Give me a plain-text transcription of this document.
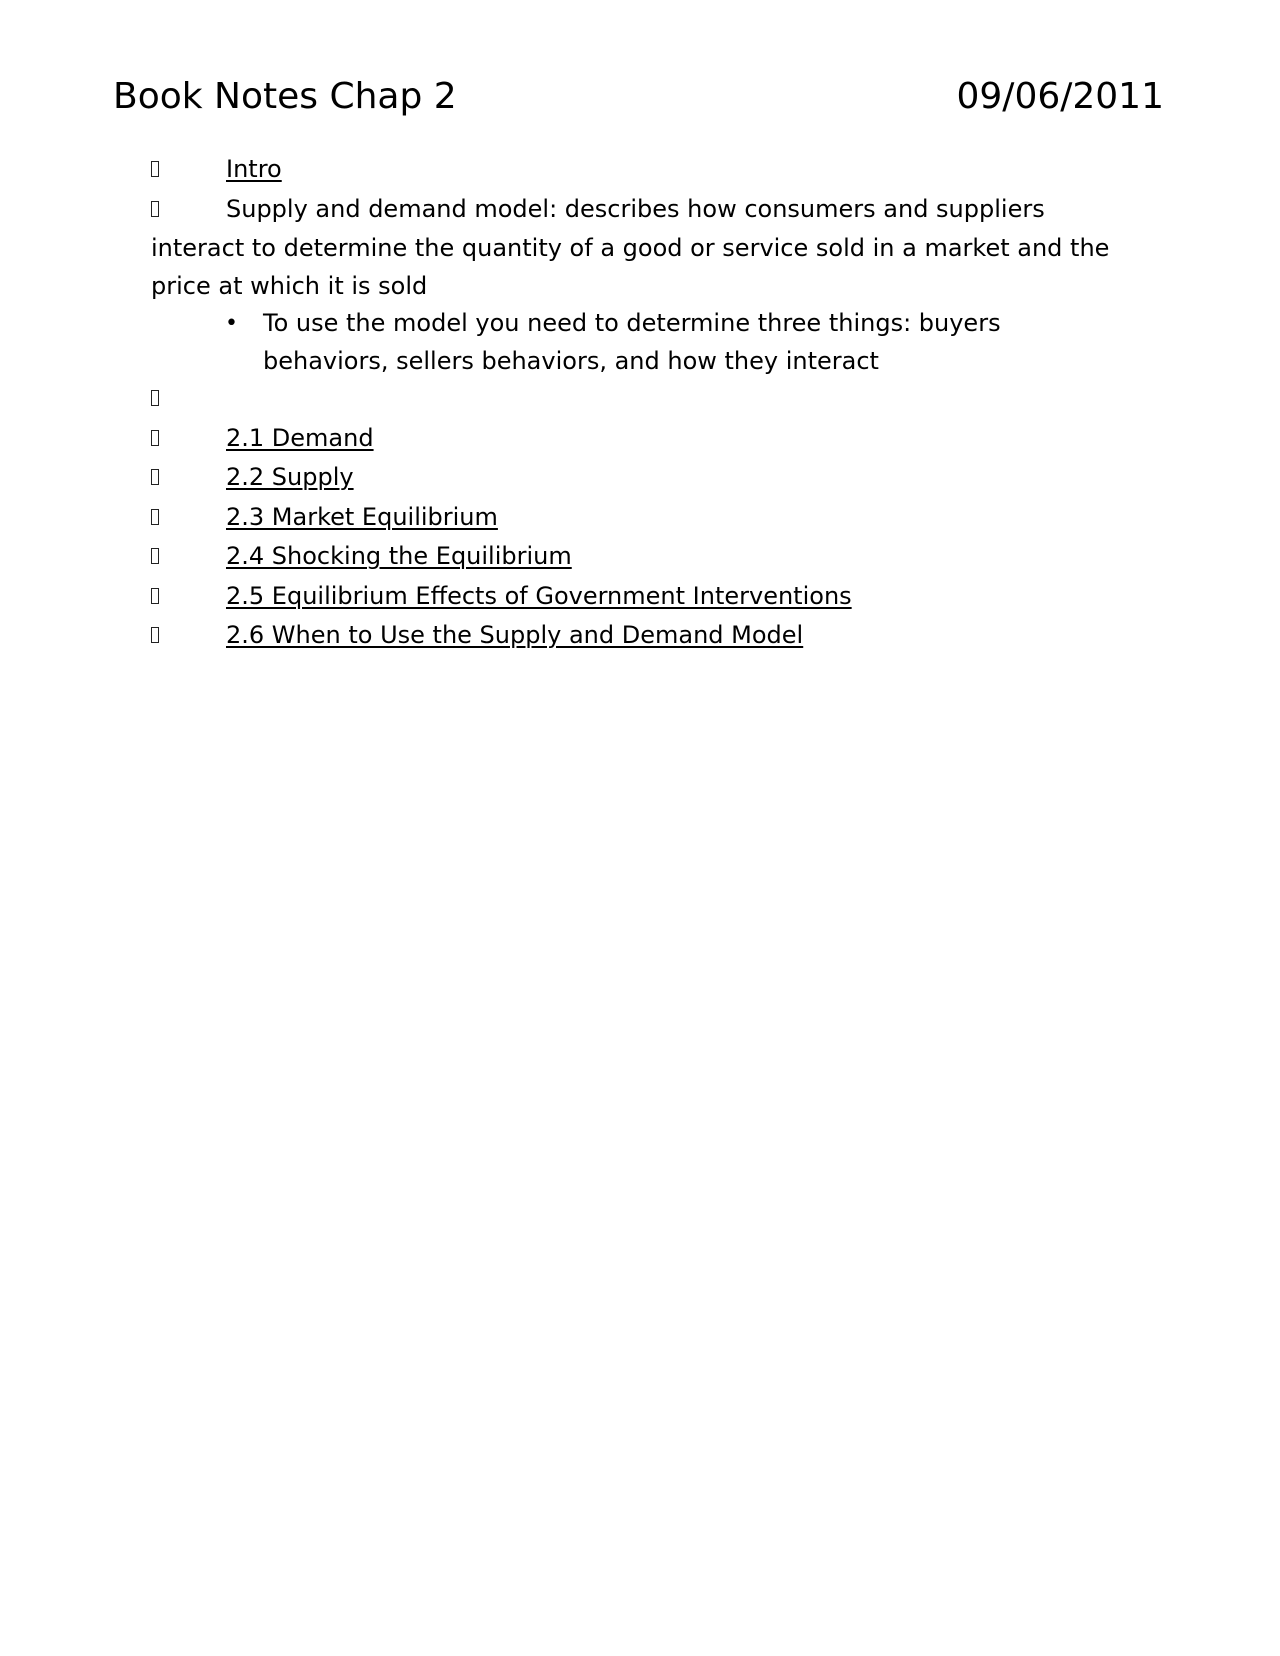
Book Notes Chap 2	09/06/2011
Intro
Supply and demand model: describes how consumers and suppliers interact to determine the quantity of a good or service sold in a market and the price at which it is sold
• To use the model you need to determine three things: buyers behaviors, sellers behaviors, and how they interact
2.1 Demand
2.2 Supply
2.3 Market Equilibrium
2.4 Shocking the Equilibrium
2.5 Equilibrium Effects of Government Interventions
2.6 When to Use the Supply and Demand Model
